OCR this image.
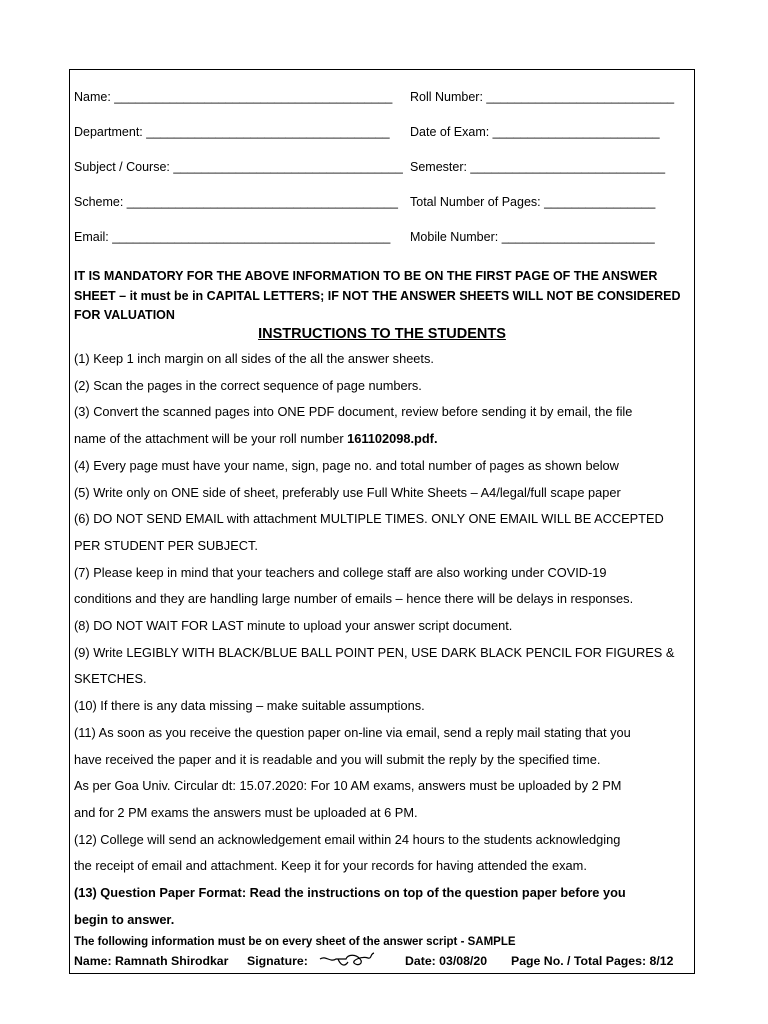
Name: ________________________________________ Roll Number: ___________________________
Department: ___________________________________ Date of Exam: ________________________
Subject / Course: _________________________________ Semester: ____________________________
Scheme: _______________________________________ Total Number of Pages: ________________
Email: ________________________________________ Mobile Number: ______________________
IT IS MANDATORY FOR THE ABOVE INFORMATION TO BE ON THE FIRST PAGE OF THE ANSWER SHEET – it must be in CAPITAL LETTERS; IF NOT THE ANSWER SHEETS WILL NOT BE CONSIDERED FOR VALUATION
INSTRUCTIONS TO THE STUDENTS
(1) Keep 1 inch margin on all sides of the all the answer sheets.
(2) Scan the pages in the correct sequence of page numbers.
(3) Convert the scanned pages into ONE PDF document, review before sending it by email, the file
name of the attachment will be your roll number 161102098.pdf.
(4) Every page must have your name, sign, page no. and total number of pages as shown below
(5) Write only on ONE side of sheet, preferably use Full White Sheets – A4/legal/full scape paper
(6) DO NOT SEND EMAIL with attachment MULTIPLE TIMES. ONLY ONE EMAIL WILL BE ACCEPTED
PER STUDENT PER SUBJECT.
(7) Please keep in mind that your teachers and college staff are also working under COVID-19
conditions and they are handling large number of emails – hence there will be delays in responses.
(8) DO NOT WAIT FOR LAST minute to upload your answer script document.
(9) Write LEGIBLY WITH BLACK/BLUE BALL POINT PEN, USE DARK BLACK PENCIL FOR FIGURES &
SKETCHES.
(10) If there is any data missing – make suitable assumptions.
(11) As soon as you receive the question paper on-line via email, send a reply mail stating that you
have received the paper and it is readable and you will submit the reply by the specified time.
As per Goa Univ. Circular dt: 15.07.2020: For 10 AM exams, answers must be uploaded by 2 PM
and for 2 PM exams the answers must be uploaded at 6 PM.
(12) College will send an acknowledgement email within 24 hours to the students acknowledging
the receipt of email and attachment. Keep it for your records for having attended the exam.
(13) Question Paper Format: Read the instructions on top of the question paper before you
begin to answer.
The following information must be on every sheet of the answer script - SAMPLE
Name: Ramnath Shirodkar Signature:	Date: 03/08/20 Page No. / Total Pages: 8/12
